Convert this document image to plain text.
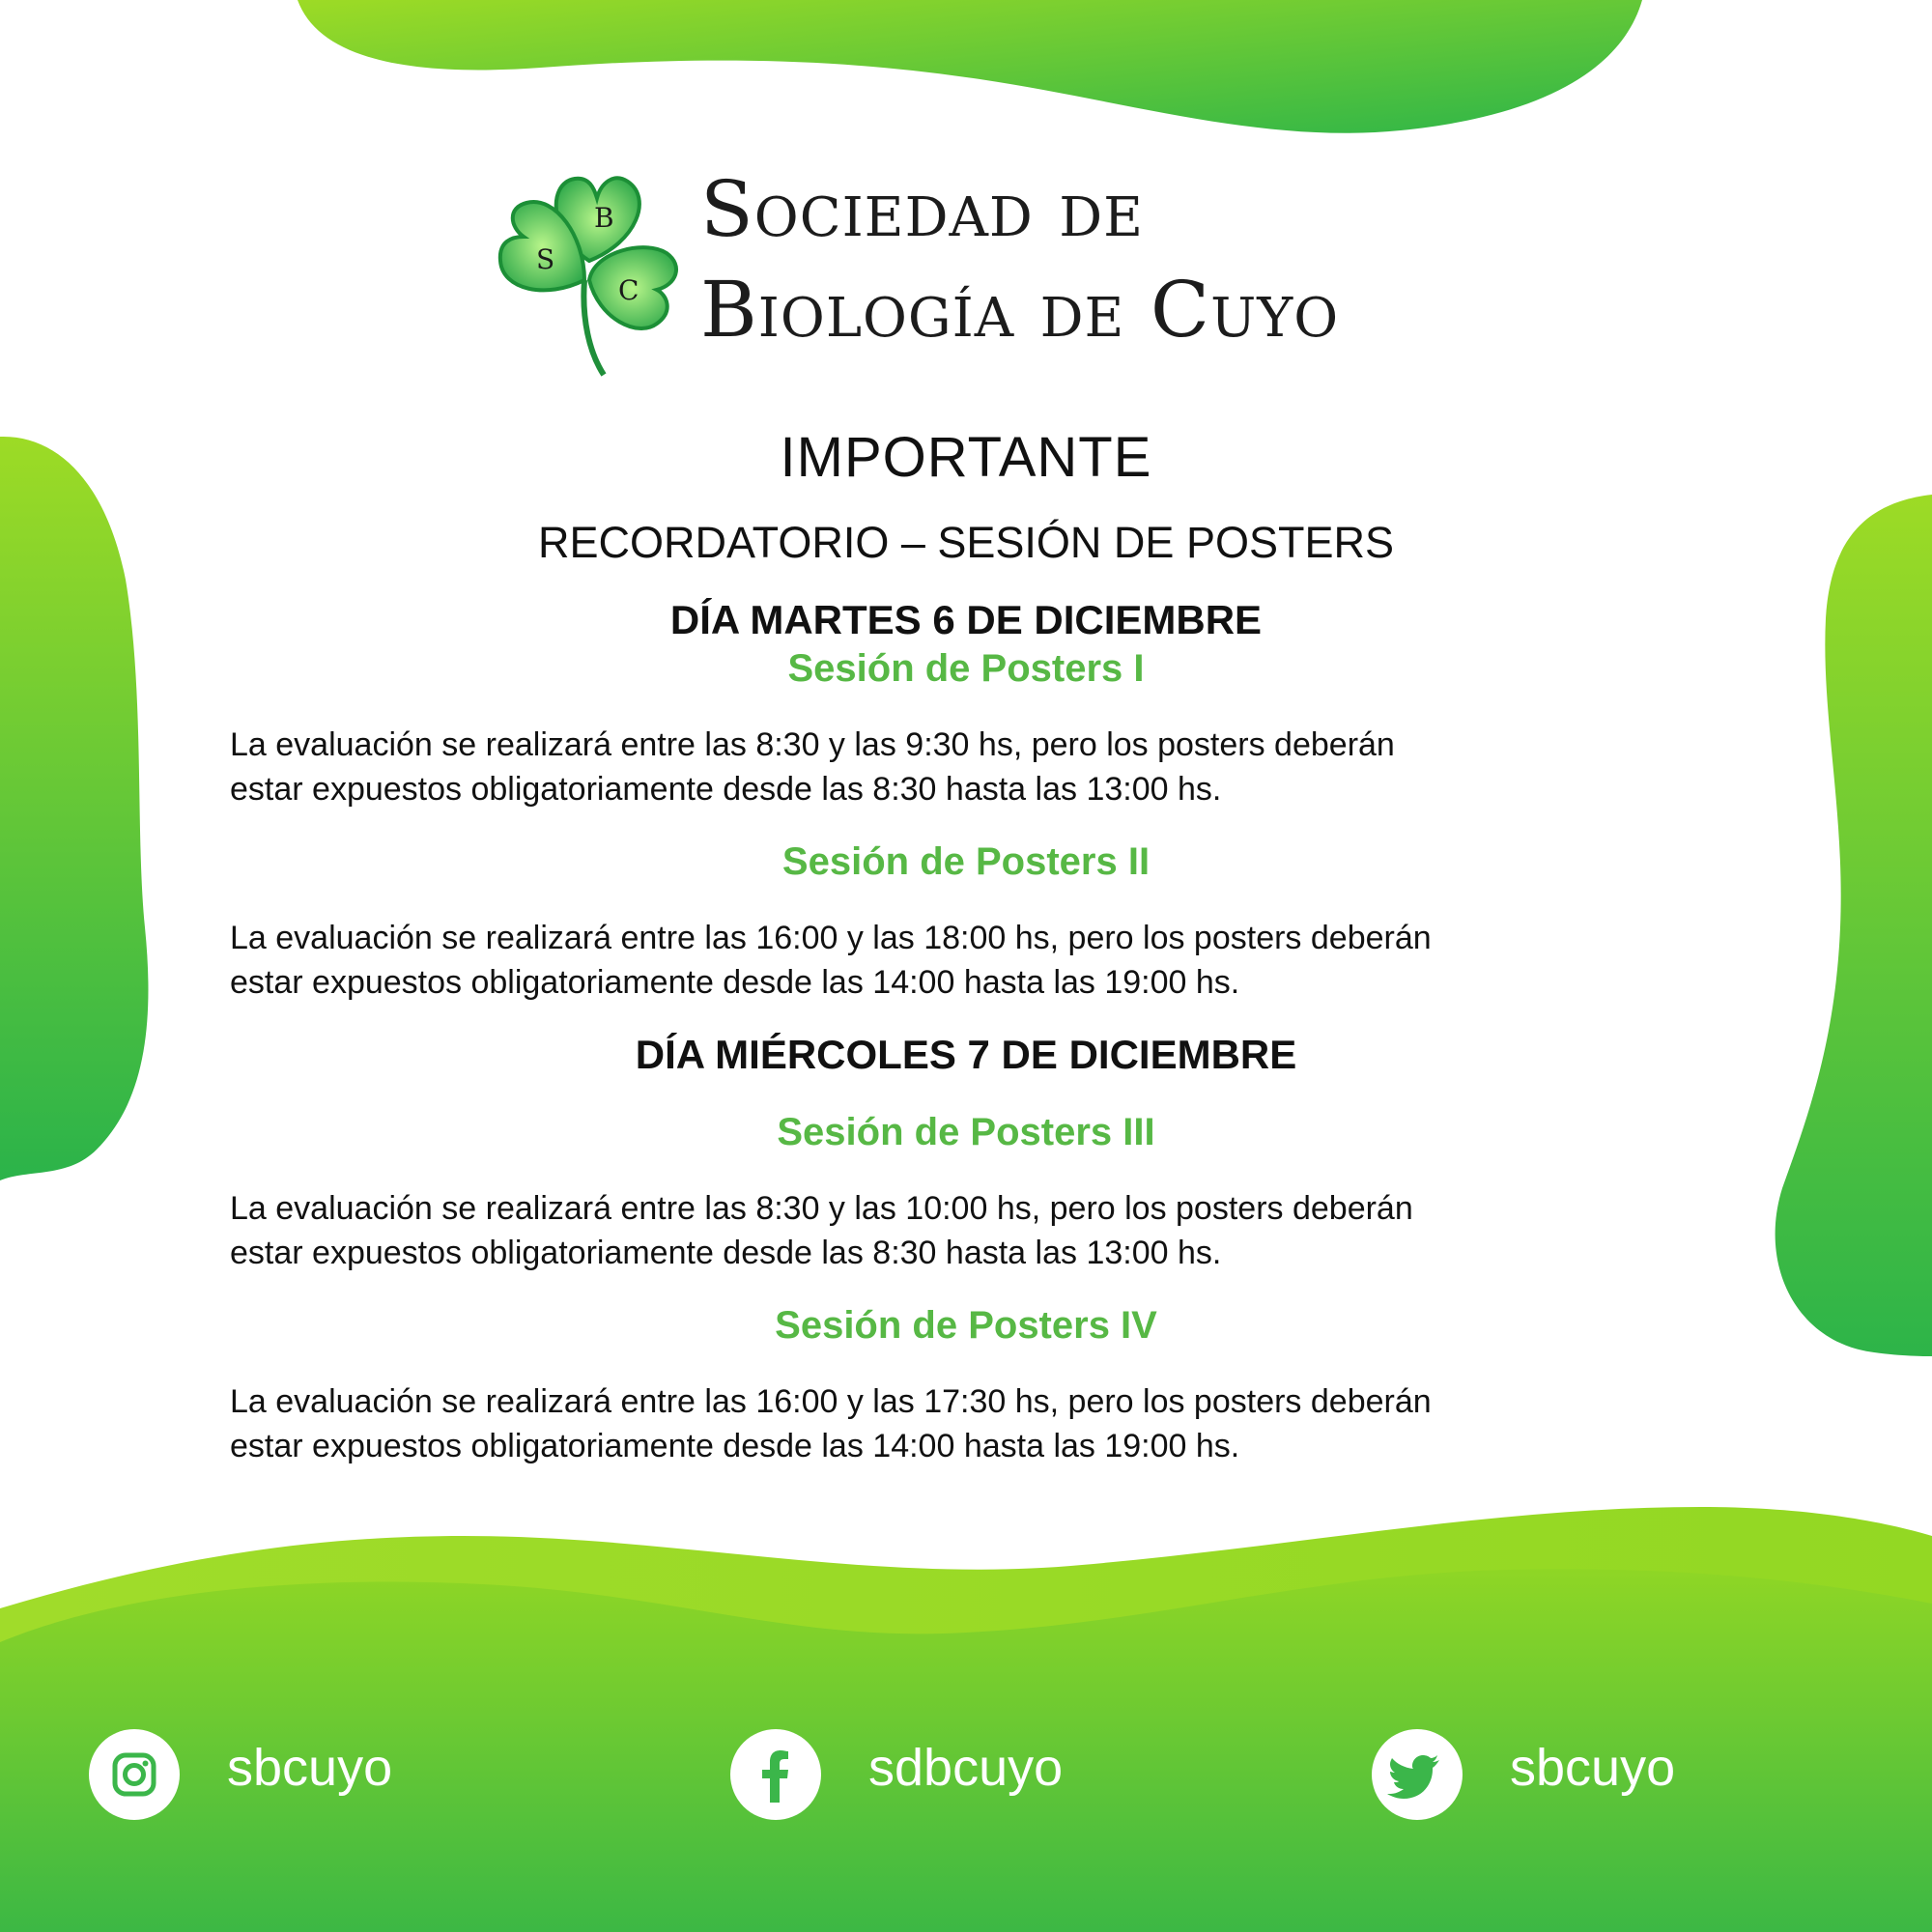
S
B
C
Sociedad de
Biología de Cuyo
IMPORTANTE
RECORDATORIO – SESIÓN DE POSTERS
DÍA MARTES 6 DE DICIEMBRE
Sesión de Posters I
La evaluación se realizará entre las 8:30 y las 9:30 hs, pero los posters deberán
estar expuestos obligatoriamente desde las 8:30 hasta las 13:00 hs.
Sesión de Posters II
La evaluación se realizará entre las 16:00 y las 18:00 hs, pero los posters deberán
estar expuestos obligatoriamente desde las 14:00 hasta las 19:00 hs.
DÍA MIÉRCOLES 7 DE DICIEMBRE
Sesión de Posters III
La evaluación se realizará entre las 8:30 y las 10:00 hs, pero los posters deberán
estar expuestos obligatoriamente desde las 8:30 hasta las 13:00 hs.
Sesión de Posters IV
La evaluación se realizará entre las 16:00 y las 17:30 hs, pero los posters deberán
estar expuestos obligatoriamente desde las 14:00 hasta las 19:00 hs.
sbcuyo	sdbcuyo	sbcuyo
